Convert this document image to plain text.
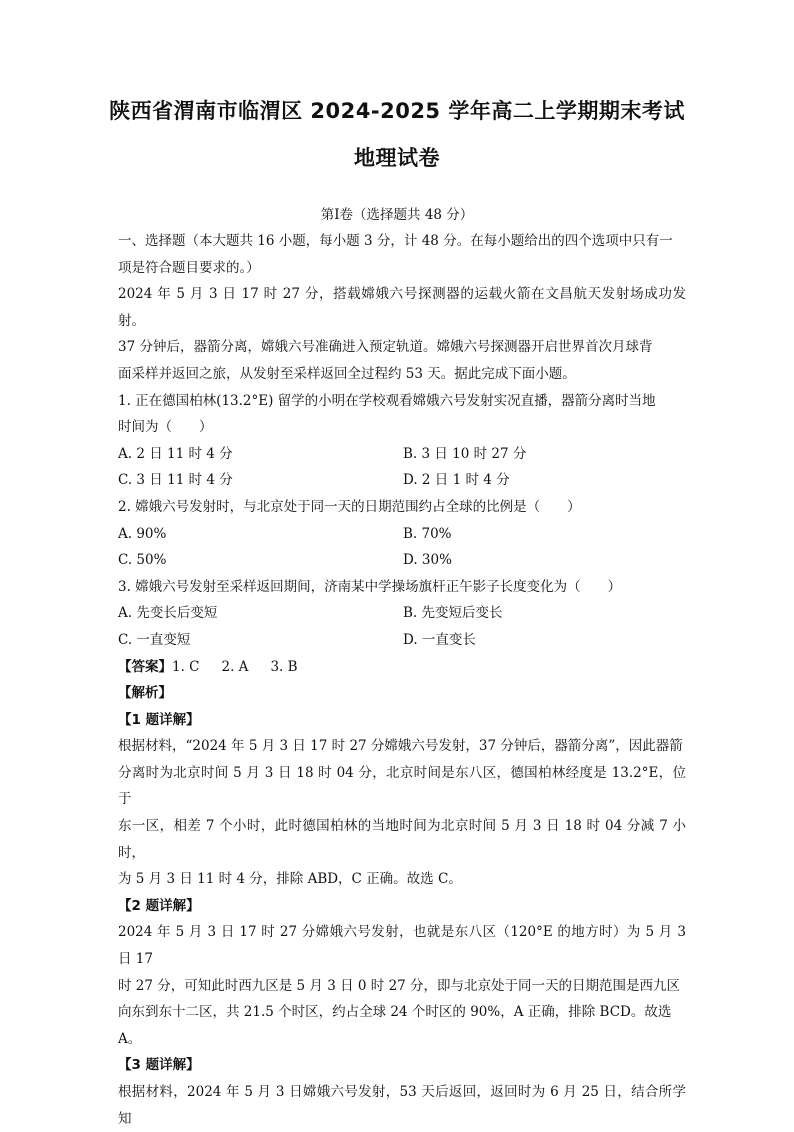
陕西省渭南市临渭区 2024-2025 学年高二上学期期末考试
地理试卷
第Ⅰ卷（选择题共 48 分）

一、选择题（本大题共 16 小题，每小题 3 分，计 48 分。在每小题给出的四个选项中只有一

项是符合题目要求的。）

2024 年 5 月 3 日 17 时 27 分，搭载嫦娥六号探测器的运载火箭在文昌航天发射场成功发射。

37 分钟后，器箭分离，嫦娥六号准确进入预定轨道。嫦娥六号探测器开启世界首次月球背

面采样并返回之旅，从发射至采样返回全过程约 53 天。据此完成下面小题。

1. 正在德国柏林(13.2°E) 留学的小明在学校观看嫦娥六号发射实况直播，器箭分离时当地

时间为（　　）

A. 2 日 11 时 4 分	B. 3 日 10 时 27 分
C. 3 日 11 时 4 分	D. 2 日 1 时 4 分

2. 嫦娥六号发射时，与北京处于同一天的日期范围约占全球的比例是（　　）

A. 90%	B. 70%
C. 50%	D. 30%

3. 嫦娥六号发射至采样返回期间，济南某中学操场旗杆正午影子长度变化为（　　）

A. 先变长后变短	B. 先变短后变长
C. 一直变短	D. 一直变长

【答案】1. C 2. A 3. B

【解析】

【1 题详解】

根据材料，“2024 年 5 月 3 日 17 时 27 分嫦娥六号发射，37 分钟后，器箭分离”，因此器箭

分离时为北京时间 5 月 3 日 18 时 04 分，北京时间是东八区，德国柏林经度是 13.2°E，位于

东一区，相差 7 个小时，此时德国柏林的当地时间为北京时间 5 月 3 日 18 时 04 分减 7 小时，

为 5 月 3 日 11 时 4 分，排除 ABD，C 正确。故选 C。

【2 题详解】

2024 年 5 月 3 日 17 时 27 分嫦娥六号发射，也就是东八区（120°E 的地方时）为 5 月 3 日 17

时 27 分，可知此时西九区是 5 月 3 日 0 时 27 分，即与北京处于同一天的日期范围是西九区

向东到东十二区，共 21.5 个时区，约占全球 24 个时区的 90%，A 正确，排除 BCD。故选

A。

【3 题详解】

根据材料，2024 年 5 月 3 日嫦娥六号发射，53 天后返回，返回时为 6 月 25 日，结合所学知
